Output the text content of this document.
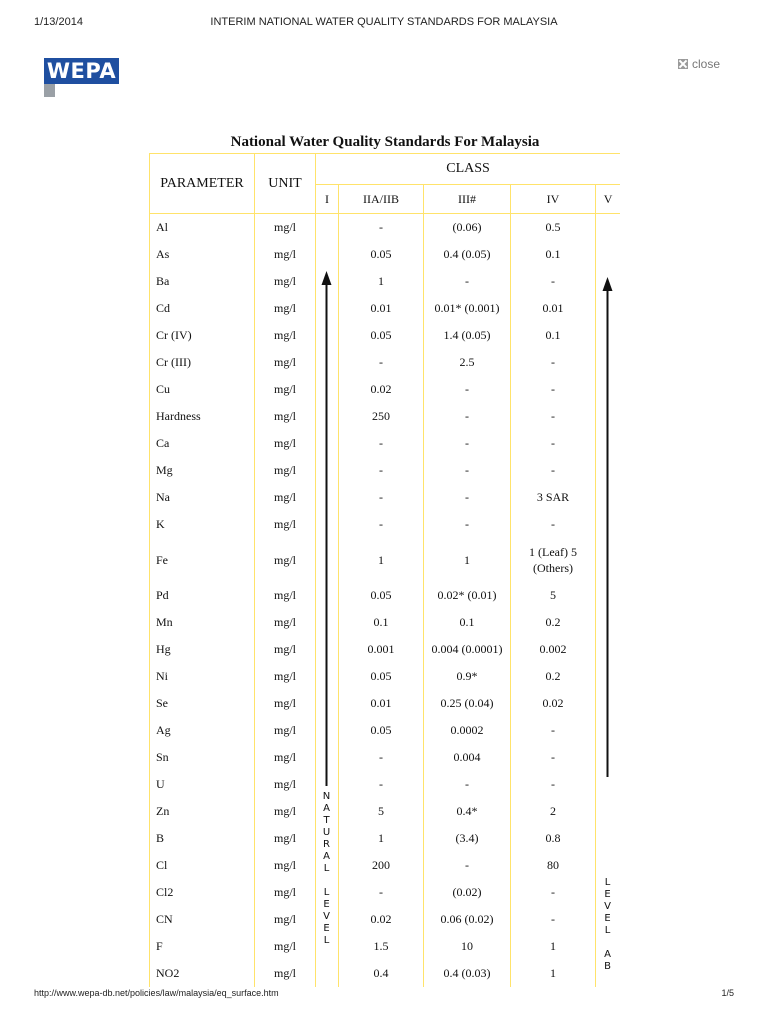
1/13/2014	INTERIM NATIONAL WATER QUALITY STANDARDS FOR MALAYSIA
WEPA	close
National Water Quality Standards For Malaysia
PARAMETER	UNIT	CLASS				
		I	IIA/IIB	III#	IV	V
Al	mg/l		-	(0.06)	0.5	
As	mg/l		0.05	0.4 (0.05)	0.1	
Ba	mg/l		1	-	-	
Cd	mg/l		0.01	0.01* (0.001)	0.01	
Cr (IV)	mg/l		0.05	1.4 (0.05)	0.1	
Cr (III)	mg/l		-	2.5	-	
Cu	mg/l		0.02	-	-	
Hardness	mg/l		250	-	-	
Ca	mg/l		-	-	-	
Mg	mg/l		-	-	-	
Na	mg/l		-	-	3 SAR	
K	mg/l		-	-	-	
Fe	mg/l		1	1	1 (Leaf) 5 (Others)	
Pd	mg/l		0.05	0.02* (0.01)	5	
Mn	mg/l		0.1	0.1	0.2	
Hg	mg/l		0.001	0.004 (0.0001)	0.002	
Ni	mg/l		0.05	0.9*	0.2	
Se	mg/l		0.01	0.25 (0.04)	0.02	
Ag	mg/l		0.05	0.0002	-	
Sn	mg/l		-	0.004	-	
U	mg/l		-	-	-	
Zn	mg/l		5	0.4*	2	
B	mg/l		1	(3.4)	0.8	
Cl	mg/l		200	-	80	
Cl2	mg/l		-	(0.02)	-	
CN	mg/l		0.02	0.06 (0.02)	-	
F	mg/l		1.5	10	1	
NO2	mg/l		0.4	0.4 (0.03)	1	
N
A
T
U
R
A
L

L
E
V
E
L
L
E
V
E
L

A
B
http://www.wepa-db.net/policies/law/malaysia/eq_surface.htm	1/5
